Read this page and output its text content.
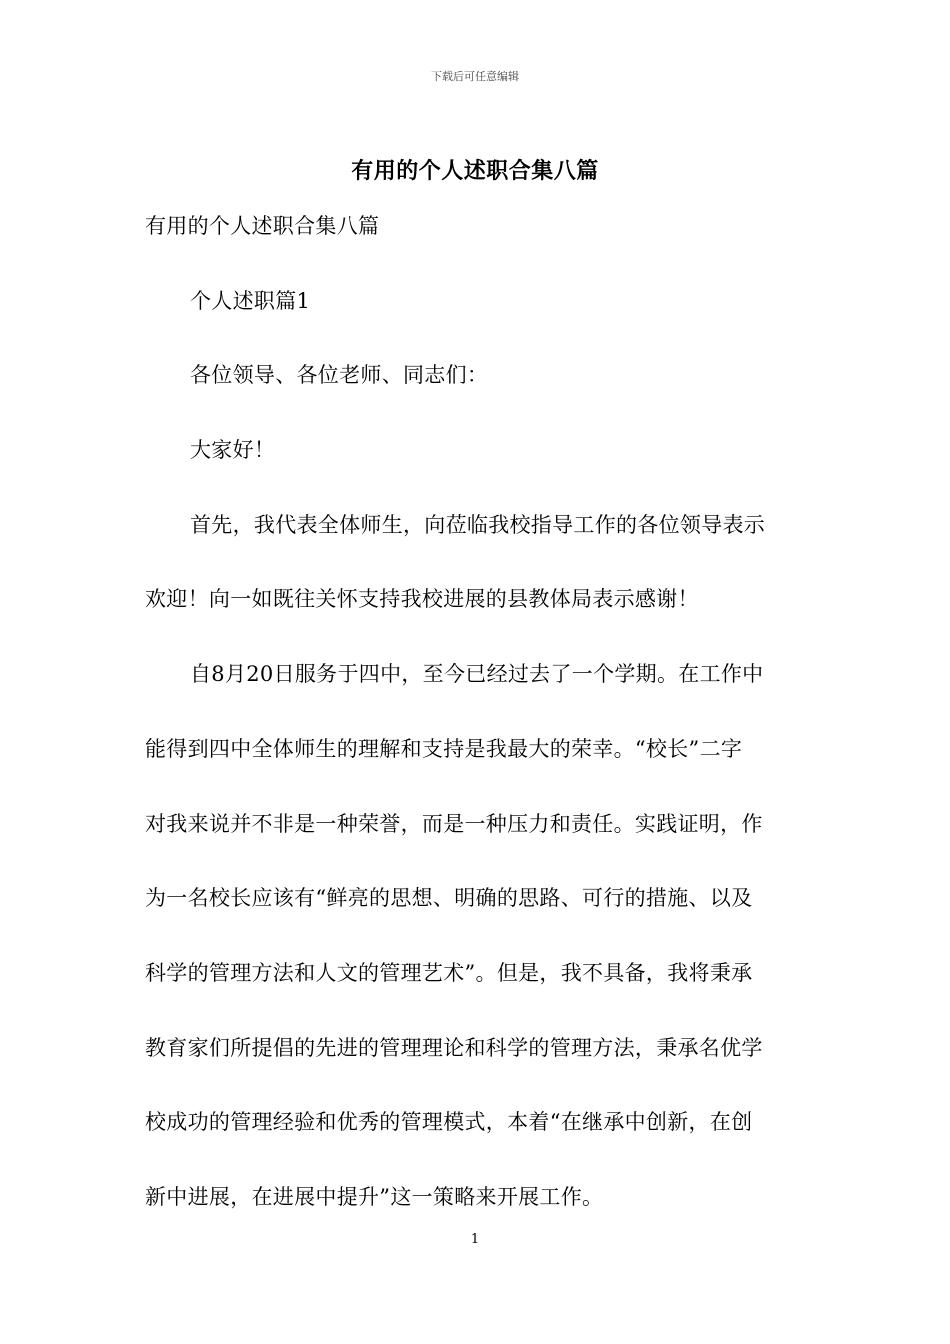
下载后可任意编辑
有用的个人述职合集八篇
有用的个人述职合集八篇
个人述职篇1
各位领导、各位老师、同志们：
大家好！
首先，我代表全体师生，向莅临我校指导工作的各位领导表示
欢迎！向一如既往关怀支持我校进展的县教体局表示感谢！
自8月20日服务于四中，至今已经过去了一个学期。在工作中
能得到四中全体师生的理解和支持是我最大的荣幸。“校长”二字
对我来说并不非是一种荣誉，而是一种压力和责任。实践证明，作
为一名校长应该有“鲜亮的思想、明确的思路、可行的措施、以及
科学的管理方法和人文的管理艺术”。但是，我不具备，我将秉承
教育家们所提倡的先进的管理理论和科学的管理方法，秉承名优学
校成功的管理经验和优秀的管理模式，本着“在继承中创新，在创
新中进展，在进展中提升”这一策略来开展工作。
1
